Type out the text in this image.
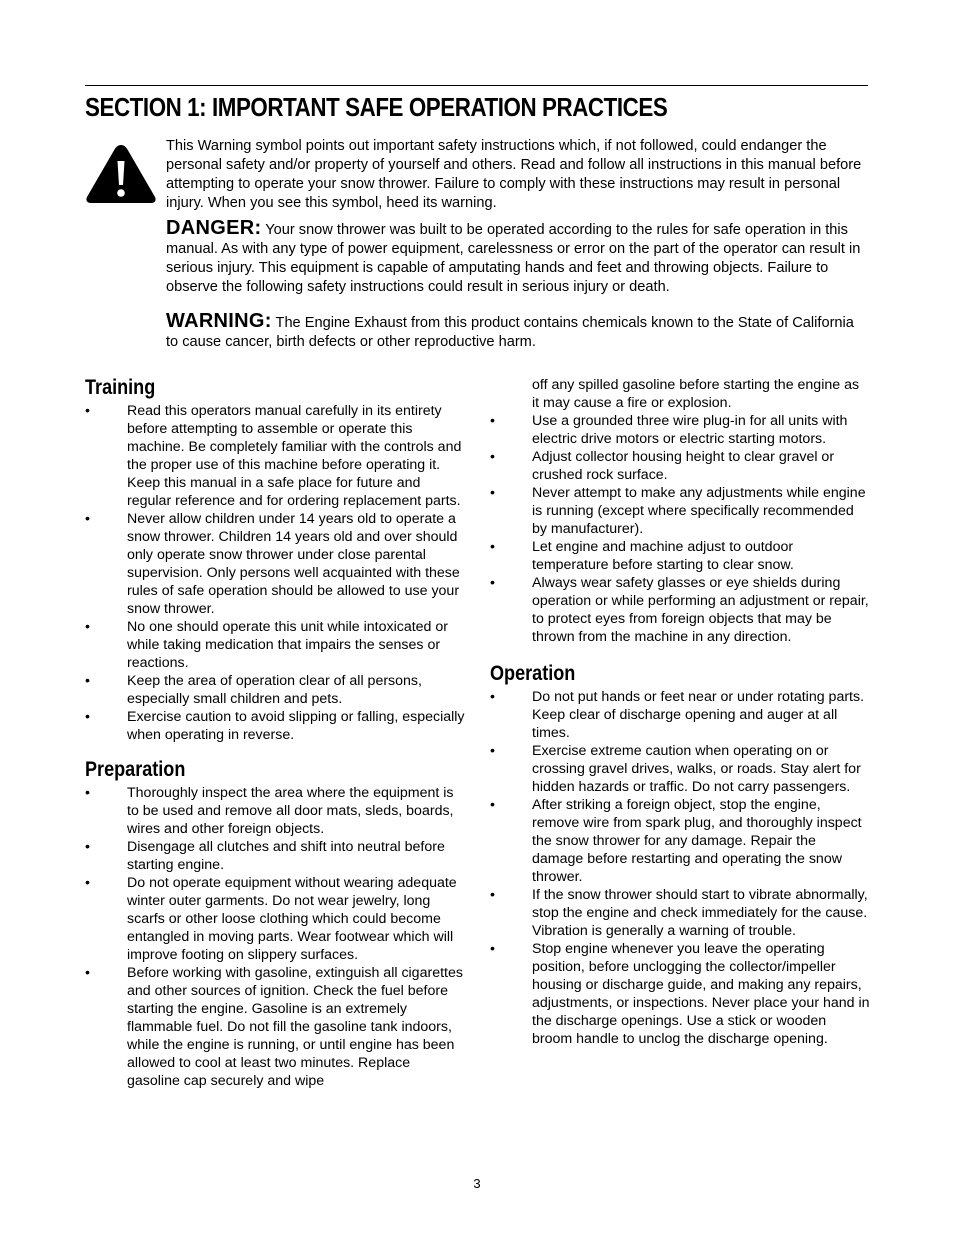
SECTION 1: IMPORTANT SAFE OPERATION PRACTICES

This Warning symbol points out important safety instructions which, if not followed, could endanger the personal safety and/or property of yourself and others. Read and follow all instructions in this manual before attempting to operate your snow thrower. Failure to comply with these instructions may result in personal injury. When you see this symbol, heed its warning.

DANGER: Your snow thrower was built to be operated according to the rules for safe operation in this manual. As with any type of power equipment, carelessness or error on the part of the operator can result in serious injury. This equipment is capable of amputating hands and feet and throwing objects. Failure to observe the following safety instructions could result in serious injury or death.

WARNING: The Engine Exhaust from this product contains chemicals known to the State of California to cause cancer, birth defects or other reproductive harm.

Training
•	Read this operators manual carefully in its entirety before attempting to assemble or operate this machine. Be completely familiar with the controls and the proper use of this machine before operating it. Keep this manual in a safe place for future and regular reference and for ordering replacement parts.
•	Never allow children under 14 years old to operate a snow thrower. Children 14 years old and over should only operate snow thrower under close parental supervision. Only persons well acquainted with these rules of safe operation should be allowed to use your snow thrower.
•	No one should operate this unit while intoxicated or while taking medication that impairs the senses or reactions.
•	Keep the area of operation clear of all persons, especially small children and pets.
•	Exercise caution to avoid slipping or falling, especially when operating in reverse.
Preparation
•	Thoroughly inspect the area where the equipment is to be used and remove all door mats, sleds, boards, wires and other foreign objects.
•	Disengage all clutches and shift into neutral before starting engine.
•	Do not operate equipment without wearing adequate winter outer garments. Do not wear jewelry, long scarfs or other loose clothing which could become entangled in moving parts. Wear footwear which will improve footing on slippery surfaces.
•	Before working with gasoline, extinguish all cigarettes and other sources of ignition. Check the fuel before starting the engine. Gasoline is an extremely flammable fuel. Do not fill the gasoline tank indoors, while the engine is running, or until engine has been allowed to cool at least two minutes. Replace gasoline cap securely and wipe
off any spilled gasoline before starting the engine as it may cause a fire or explosion.
•	Use a grounded three wire plug-in for all units with electric drive motors or electric starting motors.
•	Adjust collector housing height to clear gravel or crushed rock surface.
•	Never attempt to make any adjustments while engine is running (except where specifically recommended by manufacturer).
•	Let engine and machine adjust to outdoor temperature before starting to clear snow.
•	Always wear safety glasses or eye shields during operation or while performing an adjustment or repair, to protect eyes from foreign objects that may be thrown from the machine in any direction.
Operation
•	Do not put hands or feet near or under rotating parts. Keep clear of discharge opening and auger at all times.
•	Exercise extreme caution when operating on or crossing gravel drives, walks, or roads. Stay alert for hidden hazards or traffic. Do not carry passengers.
•	After striking a foreign object, stop the engine, remove wire from spark plug, and thoroughly inspect the snow thrower for any damage. Repair the damage before restarting and operating the snow thrower.
•	If the snow thrower should start to vibrate abnormally, stop the engine and check immediately for the cause. Vibration is generally a warning of trouble.
•	Stop engine whenever you leave the operating position, before unclogging the collector/impeller housing or discharge guide, and making any repairs, adjustments, or inspections. Never place your hand in the discharge openings. Use a stick or wooden broom handle to unclog the discharge opening.
3
